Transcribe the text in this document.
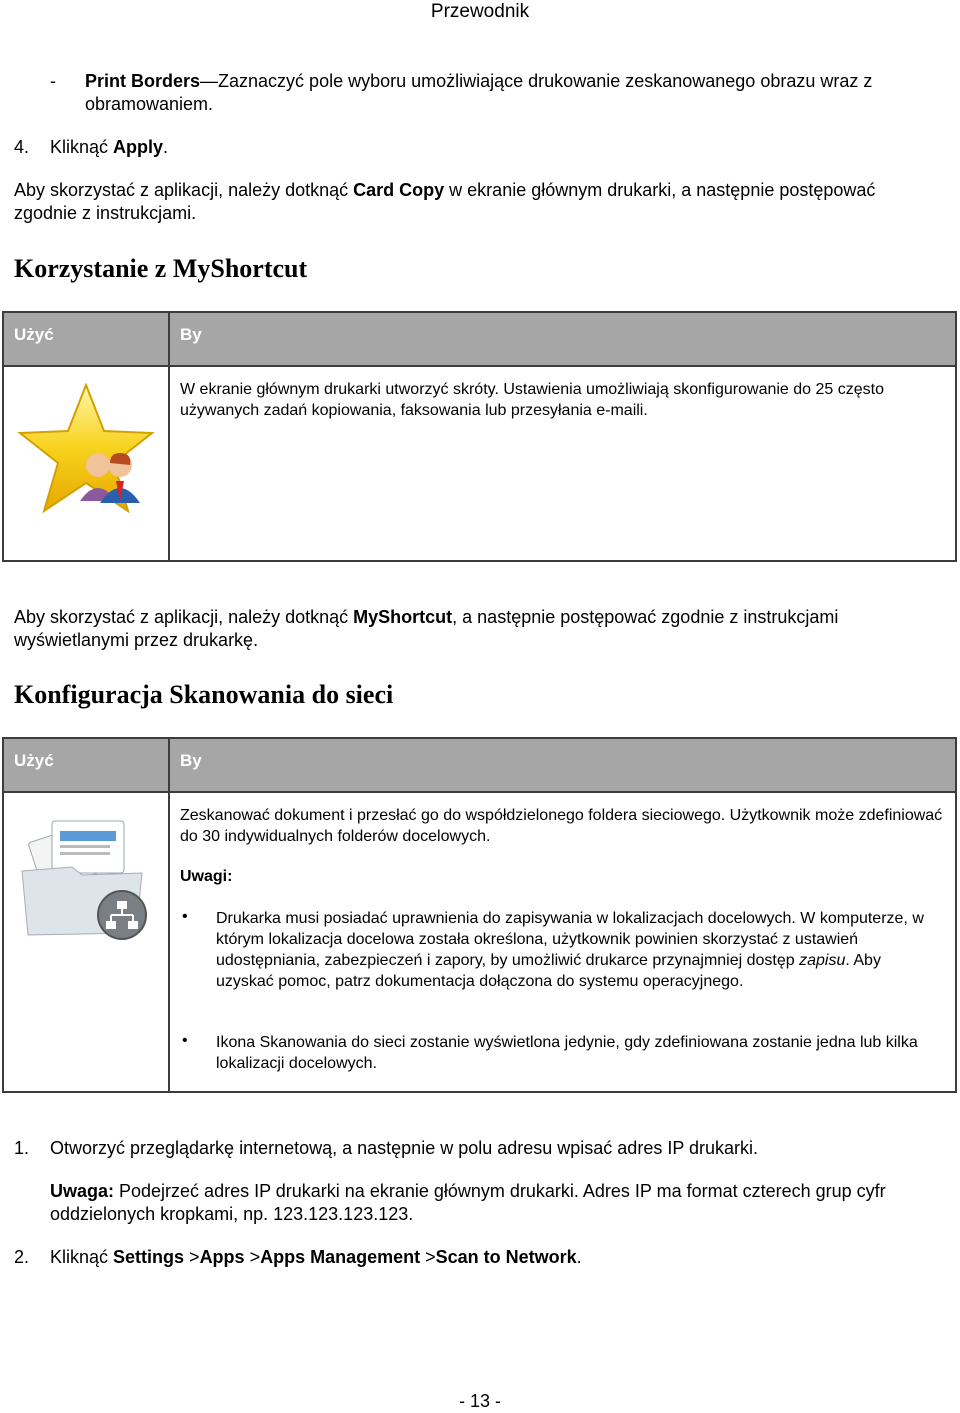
Przewodnik
- Print Borders—Zaznaczyć pole wyboru umożliwiające drukowanie zeskanowanego obrazu wraz z obramowaniem.
4. Kliknąć Apply.
Aby skorzystać z aplikacji, należy dotknąć Card Copy w ekranie głównym drukarki, a następnie postępować zgodnie z instrukcjami.
Korzystanie z MyShortcut
Użyć	By
W ekranie głównym drukarki utworzyć skróty. Ustawienia umożliwiają skonfigurowanie do 25 często używanych zadań kopiowania, faksowania lub przesyłania e-maili.
Aby skorzystać z aplikacji, należy dotknąć MyShortcut, a następnie postępować zgodnie z instrukcjami wyświetlanymi przez drukarkę.
Konfiguracja Skanowania do sieci
Użyć	By
Zeskanować dokument i przesłać go do współdzielonego foldera sieciowego. Użytkownik może zdefiniować do 30 indywidualnych folderów docelowych.
Uwagi:
• Drukarka musi posiadać uprawnienia do zapisywania w lokalizacjach docelowych. W komputerze, w którym lokalizacja docelowa została określona, użytkownik powinien skorzystać z ustawień udostępniania, zabezpieczeń i zapory, by umożliwić drukarce przynajmniej dostęp zapisu. Aby uzyskać pomoc, patrz dokumentacja dołączona do systemu operacyjnego.
• Ikona Skanowania do sieci zostanie wyświetlona jedynie, gdy zdefiniowana zostanie jedna lub kilka lokalizacji docelowych.
1. Otworzyć przeglądarkę internetową, a następnie w polu adresu wpisać adres IP drukarki.
Uwaga: Podejrzeć adres IP drukarki na ekranie głównym drukarki. Adres IP ma format czterech grup cyfr oddzielonych kropkami, np. 123.123.123.123.
2. Kliknąć Settings >Apps >Apps Management >Scan to Network.
- 13 -
